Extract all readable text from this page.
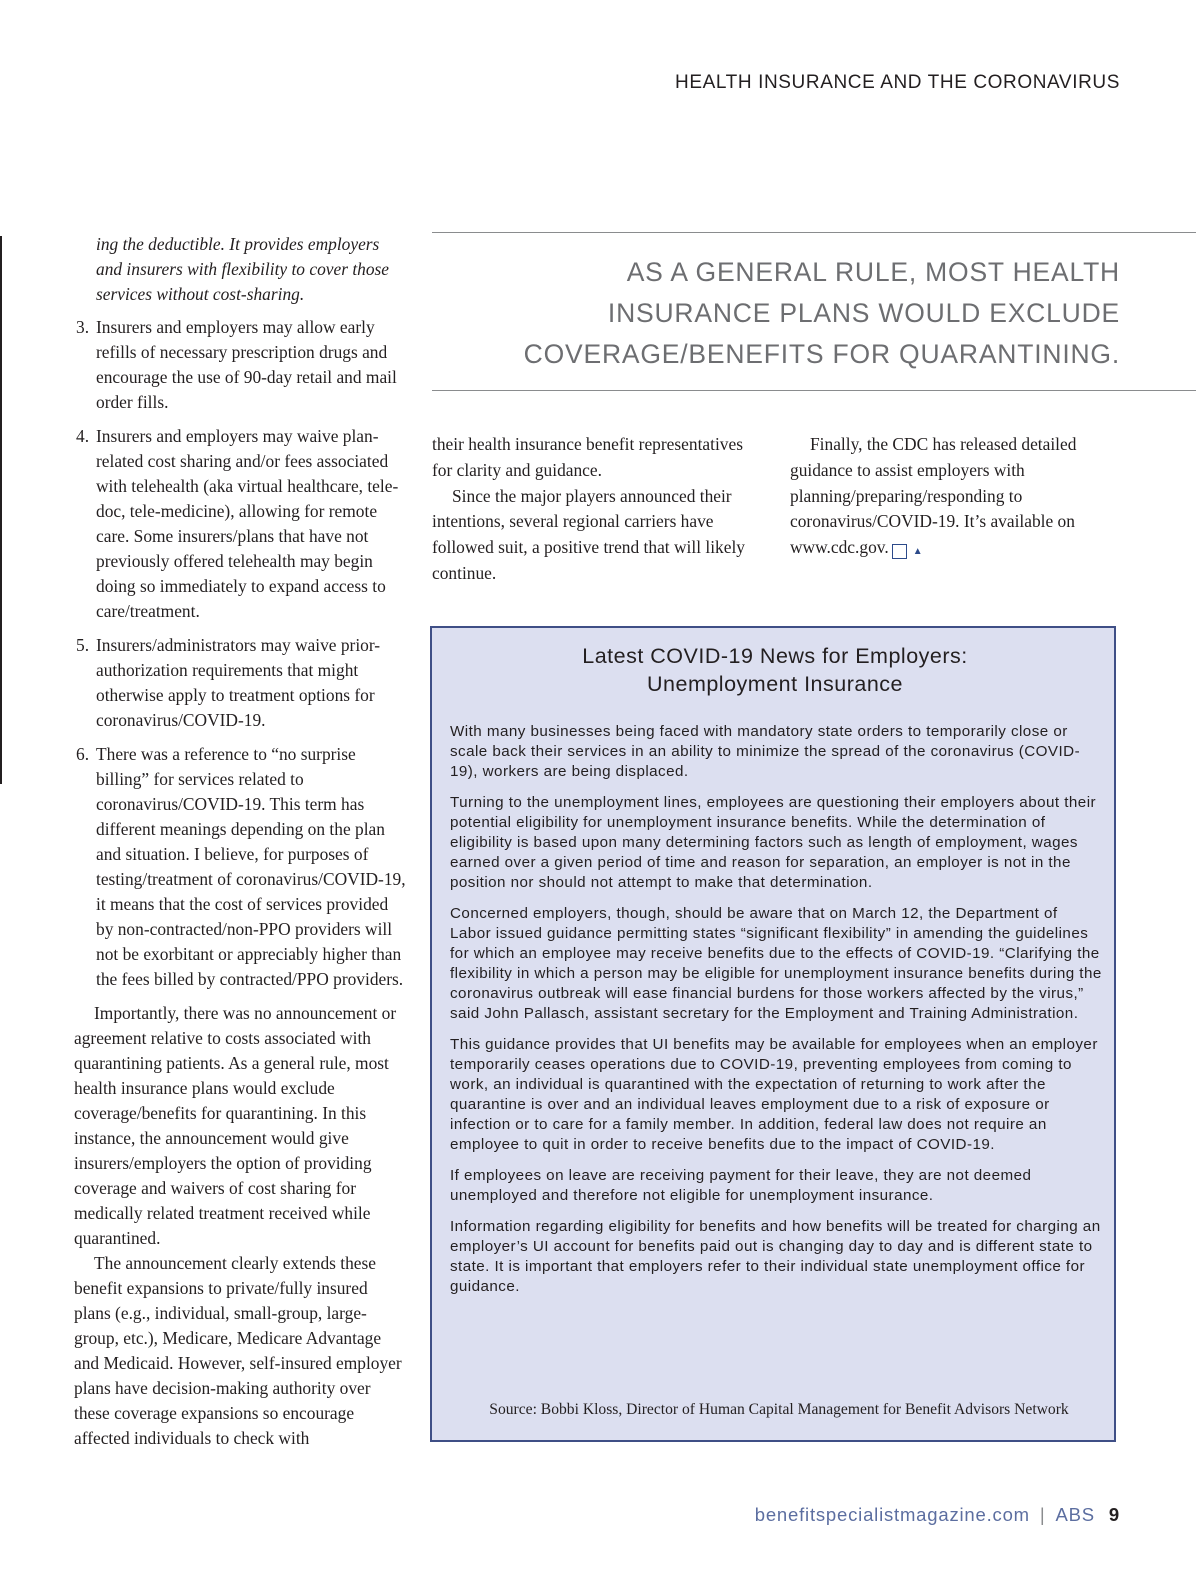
HEALTH INSURANCE AND THE CORONAVIRUS

ing the deductible. It provides employers and insurers with flexibility to cover those services without cost-sharing.

3. Insurers and employers may allow early refills of necessary prescription drugs and encourage the use of 90-day retail and mail order fills.
4. Insurers and employers may waive plan-related cost sharing and/or fees associated with telehealth (aka virtual healthcare, tele-doc, tele-medicine), allowing for remote care. Some insurers/plans that have not previously offered telehealth may begin doing so immediately to expand access to care/treatment.
5. Insurers/administrators may waive prior-authorization requirements that might otherwise apply to treatment options for coronavirus/COVID-19.
6. There was a reference to “no surprise billing” for services related to coronavirus/COVID-19. This term has different meanings depending on the plan and situation. I believe, for purposes of testing/treatment of coronavirus/COVID-19, it means that the cost of services provided by non-contracted/non-PPO providers will not be exorbitant or appreciably higher than the fees billed by contracted/PPO providers.

Importantly, there was no announcement or agreement relative to costs associated with quarantining patients. As a general rule, most health insurance plans would exclude coverage/benefits for quarantining. In this instance, the announcement would give insurers/employers the option of providing coverage and waivers of cost sharing for medically related treatment received while quarantined.

The announcement clearly extends these benefit expansions to private/fully insured plans (e.g., individual, small-group, large-group, etc.), Medicare, Medicare Advantage and Medicaid. However, self-insured employer plans have decision-making authority over these coverage expansions so encourage affected individuals to check with

AS A GENERAL RULE, MOST HEALTH
INSURANCE PLANS WOULD EXCLUDE
COVERAGE/BENEFITS FOR QUARANTINING.

their health insurance benefit representatives for clarity and guidance.

Since the major players announced their intentions, several regional carriers have followed suit, a positive trend that will likely continue.

Finally, the CDC has released detailed guidance to assist employers with planning/preparing/responding to coronavirus/COVID-19. It’s available on www.cdc.gov. ▲

Latest COVID-19 News for Employers:
Unemployment Insurance

With many businesses being faced with mandatory state orders to temporarily close or scale back their services in an ability to minimize the spread of the coronavirus (COVID-19), workers are being displaced.

Turning to the unemployment lines, employees are questioning their employers about their potential eligibility for unemployment insurance benefits. While the determination of eligibility is based upon many determining factors such as length of employment, wages earned over a given period of time and reason for separation, an employer is not in the position nor should not attempt to make that determination.

Concerned employers, though, should be aware that on March 12, the Department of Labor issued guidance permitting states “significant flexibility” in amending the guidelines for which an employee may receive benefits due to the effects of COVID-19. “Clarifying the flexibility in which a person may be eligible for unemployment insurance benefits during the coronavirus outbreak will ease financial burdens for those workers affected by the virus,” said John Pallasch, assistant secretary for the Employment and Training Administration.

This guidance provides that UI benefits may be available for employees when an employer temporarily ceases operations due to COVID-19, preventing employees from coming to work, an individual is quarantined with the expectation of returning to work after the quarantine is over and an individual leaves employment due to a risk of exposure or infection or to care for a family member. In addition, federal law does not require an employee to quit in order to receive benefits due to the impact of COVID-19.

If employees on leave are receiving payment for their leave, they are not deemed unemployed and therefore not eligible for unemployment insurance.

Information regarding eligibility for benefits and how benefits will be treated for charging an employer’s UI account for benefits paid out is changing day to day and is different state to state. It is important that employers refer to their individual state unemployment office for guidance.

Source: Bobbi Kloss, Director of Human Capital Management for Benefit Advisors Network
benefitspecialistmagazine.com | ABS 9
